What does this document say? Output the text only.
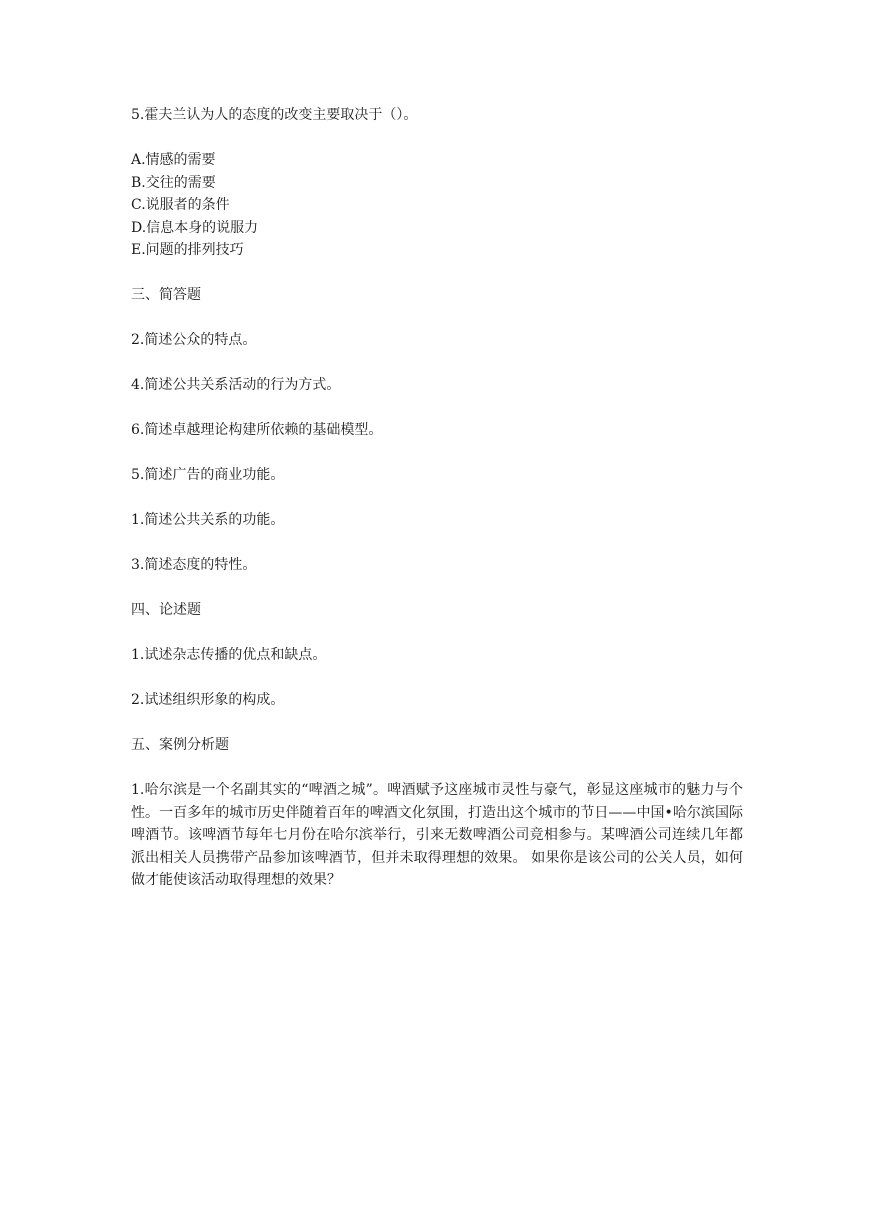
5.霍夫兰认为人的态度的改变主要取决于（）。
A.情感的需要
B.交往的需要
C.说服者的条件
D.信息本身的说服力
E.问题的排列技巧
三、简答题
2.简述公众的特点。
4.简述公共关系活动的行为方式。
6.简述卓越理论构建所依赖的基础模型。
5.简述广告的商业功能。
1.简述公共关系的功能。
3.简述态度的特性。
四、论述题
1.试述杂志传播的优点和缺点。
2.试述组织形象的构成。
五、案例分析题
1.哈尔滨是一个名副其实的“啤酒之城”。啤酒赋予这座城市灵性与豪气，彰显这座城市的魅力与个性。一百多年的城市历史伴随着百年的啤酒文化氛围，打造出这个城市的节日——中国•哈尔滨国际啤酒节。该啤酒节每年七月份在哈尔滨举行，引来无数啤酒公司竞相参与。某啤酒公司连续几年都派出相关人员携带产品参加该啤酒节，但并未取得理想的效果。 如果你是该公司的公关人员，如何做才能使该活动取得理想的效果？
